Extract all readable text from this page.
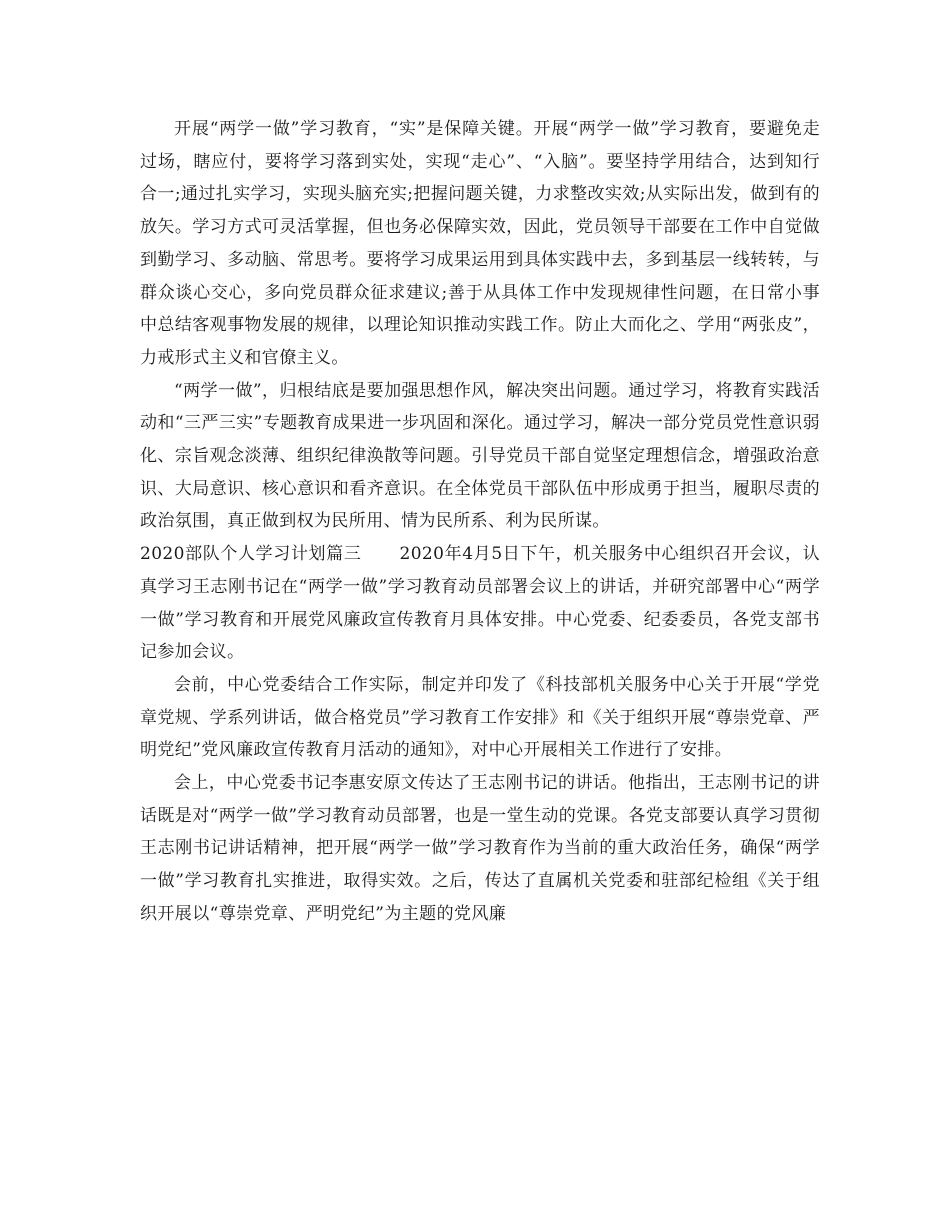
开展“两学一做”学习教育，“实”是保障关键。开展“两学一做”学习教育，要避免走过场，瞎应付，要将学习落到实处，实现“走心”、“入脑”。要坚持学用结合，达到知行合一;通过扎实学习，实现头脑充实;把握问题关键，力求整改实效;从实际出发，做到有的放矢。学习方式可灵活掌握，但也务必保障实效，因此，党员领导干部要在工作中自觉做到勤学习、多动脑、常思考。要将学习成果运用到具体实践中去，多到基层一线转转，与群众谈心交心，多向党员群众征求建议;善于从具体工作中发现规律性问题，在日常小事中总结客观事物发展的规律，以理论知识推动实践工作。防止大而化之、学用“两张皮”，力戒形式主义和官僚主义。

“两学一做”，归根结底是要加强思想作风，解决突出问题。通过学习，将教育实践活动和“三严三实”专题教育成果进一步巩固和深化。通过学习，解决一部分党员党性意识弱化、宗旨观念淡薄、组织纪律涣散等问题。引导党员干部自觉坚定理想信念，增强政治意识、大局意识、核心意识和看齐意识。在全体党员干部队伍中形成勇于担当，履职尽责的政治氛围，真正做到权为民所用、情为民所系、利为民所谋。

2020部队个人学习计划篇三 2020年4月5日下午，机关服务中心组织召开会议，认真学习王志刚书记在“两学一做”学习教育动员部署会议上的讲话，并研究部署中心“两学一做”学习教育和开展党风廉政宣传教育月具体安排。中心党委、纪委委员，各党支部书记参加会议。

会前，中心党委结合工作实际，制定并印发了《科技部机关服务中心关于开展“学党章党规、学系列讲话，做合格党员”学习教育工作安排》和《关于组织开展“尊崇党章、严明党纪”党风廉政宣传教育月活动的通知》，对中心开展相关工作进行了安排。

会上，中心党委书记李惠安原文传达了王志刚书记的讲话。他指出，王志刚书记的讲话既是对“两学一做”学习教育动员部署，也是一堂生动的党课。各党支部要认真学习贯彻王志刚书记讲话精神，把开展“两学一做”学习教育作为当前的重大政治任务，确保“两学一做”学习教育扎实推进，取得实效。之后，传达了直属机关党委和驻部纪检组《关于组织开展以“尊崇党章、严明党纪”为主题的党风廉
